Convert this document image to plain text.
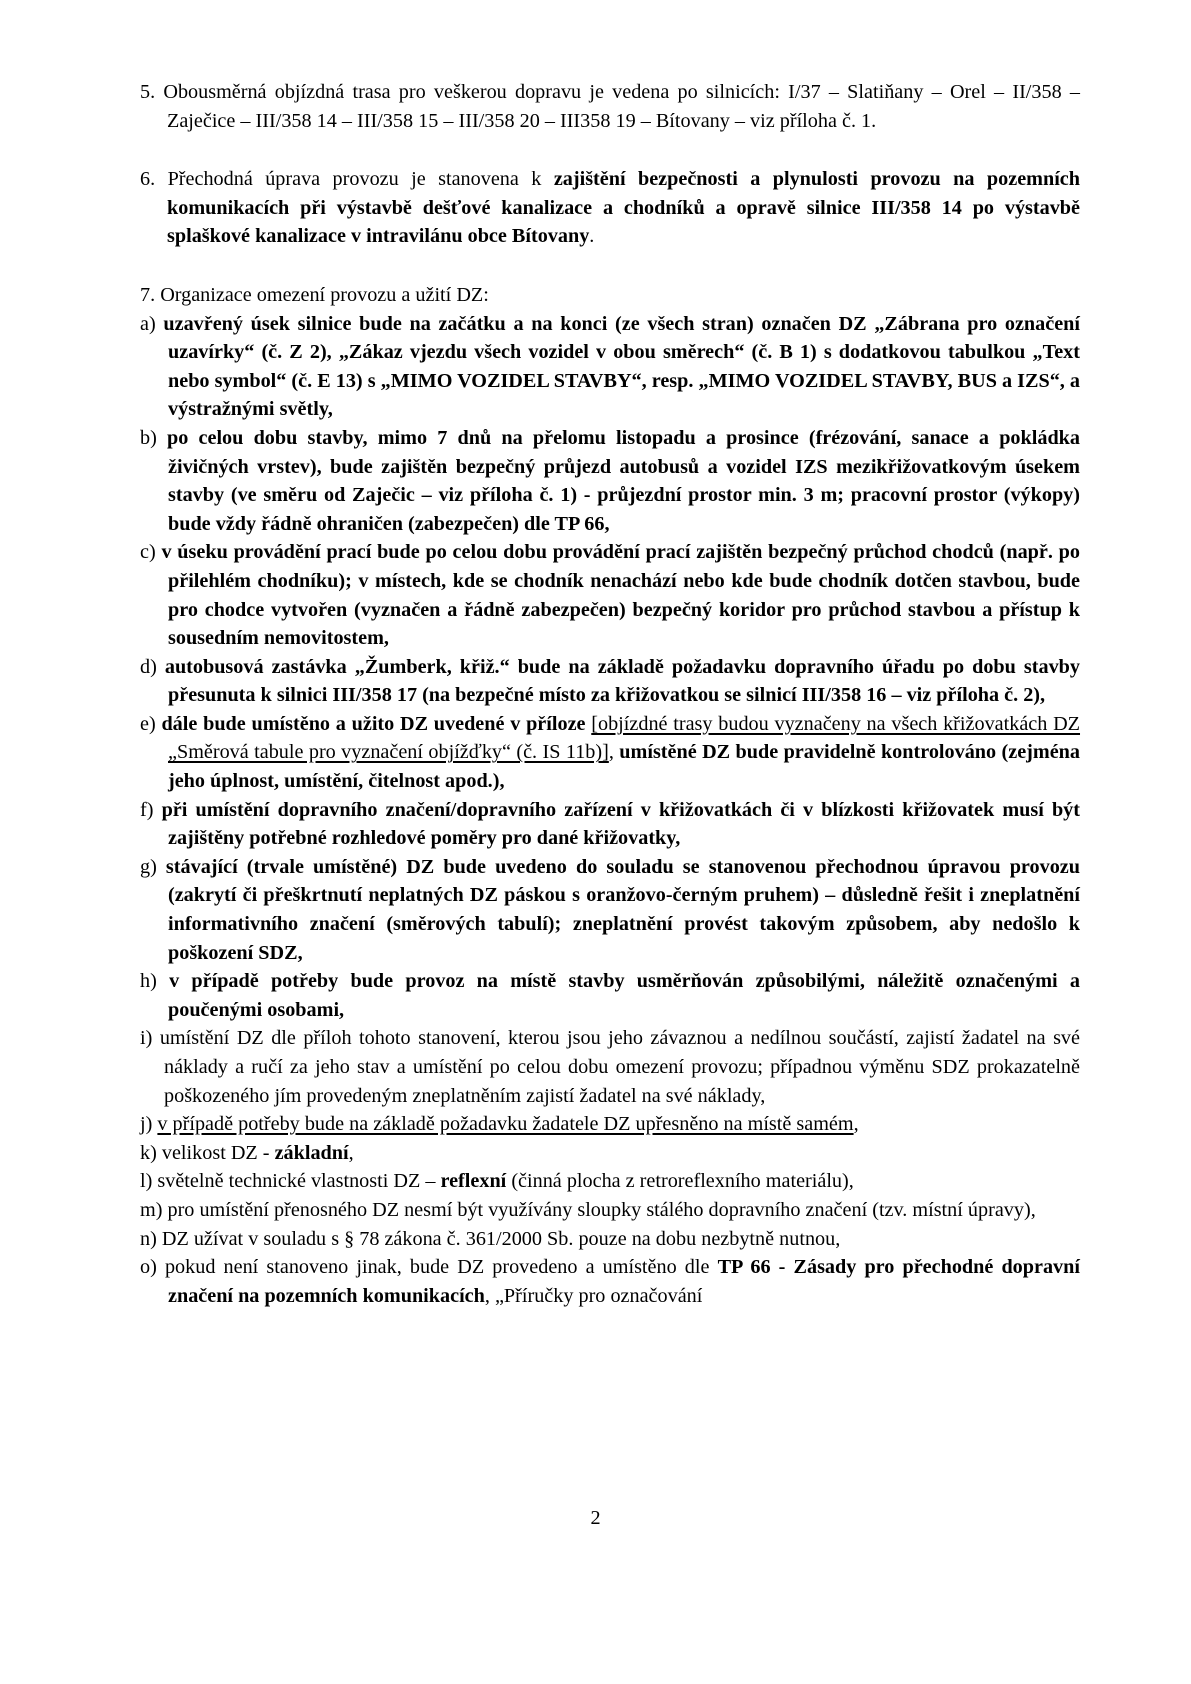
5. Obousměrná objízdná trasa pro veškerou dopravu je vedena po silnicích: I/37 – Slatiňany – Orel – II/358 – Zaječice – III/358 14 – III/358 15 – III/358 20 – III358 19 – Bítovany – viz příloha č. 1.

6. Přechodná úprava provozu je stanovena k zajištění bezpečnosti a plynulosti provozu na pozemních komunikacích při výstavbě dešťové kanalizace a chodníků a opravě silnice III/358 14 po výstavbě splaškové kanalizace v intravilánu obce Bítovany.

7. Organizace omezení provozu a užití DZ:

a) uzavřený úsek silnice bude na začátku a na konci (ze všech stran) označen DZ „Zábrana pro označení uzavírky“ (č. Z 2), „Zákaz vjezdu všech vozidel v obou směrech“ (č. B 1) s dodatkovou tabulkou „Text nebo symbol“ (č. E 13) s „MIMO VOZIDEL STAVBY“, resp. „MIMO VOZIDEL STAVBY, BUS a IZS“, a výstražnými světly,

b) po celou dobu stavby, mimo 7 dnů na přelomu listopadu a prosince (frézování, sanace a pokládka živičných vrstev), bude zajištěn bezpečný průjezd autobusů a vozidel IZS mezikřižovatkovým úsekem stavby (ve směru od Zaječic – viz příloha č. 1) - průjezdní prostor min. 3 m; pracovní prostor (výkopy) bude vždy řádně ohraničen (zabezpečen) dle TP 66,

c) v úseku provádění prací bude po celou dobu provádění prací zajištěn bezpečný průchod chodců (např. po přilehlém chodníku); v místech, kde se chodník nenachází nebo kde bude chodník dotčen stavbou, bude pro chodce vytvořen (vyznačen a řádně zabezpečen) bezpečný koridor pro průchod stavbou a přístup k sousedním nemovitostem,

d) autobusová zastávka „Žumberk, křiž.“ bude na základě požadavku dopravního úřadu po dobu stavby přesunuta k silnici III/358 17 (na bezpečné místo za křižovatkou se silnicí III/358 16 – viz příloha č. 2),

e) dále bude umístěno a užito DZ uvedené v příloze [objízdné trasy budou vyznačeny na všech křižovatkách DZ „Směrová tabule pro vyznačení objížďky“ (č. IS 11b)], umístěné DZ bude pravidelně kontrolováno (zejména jeho úplnost, umístění, čitelnost apod.),

f) při umístění dopravního značení/dopravního zařízení v křižovatkách či v blízkosti křižovatek musí být zajištěny potřebné rozhledové poměry pro dané křižovatky,

g) stávající (trvale umístěné) DZ bude uvedeno do souladu se stanovenou přechodnou úpravou provozu (zakrytí či přeškrtnutí neplatných DZ páskou s oranžovo-černým pruhem) – důsledně řešit i zneplatnění informativního značení (směrových tabulí); zneplatnění provést takovým způsobem, aby nedošlo k poškození SDZ,

h) v případě potřeby bude provoz na místě stavby usměrňován způsobilými, náležitě označenými a poučenými osobami,

i) umístění DZ dle příloh tohoto stanovení, kterou jsou jeho závaznou a nedílnou součástí, zajistí žadatel na své náklady a ručí za jeho stav a umístění po celou dobu omezení provozu; případnou výměnu SDZ prokazatelně poškozeného jím provedeným zneplatněním zajistí žadatel na své náklady,

j) v případě potřeby bude na základě požadavku žadatele DZ upřesněno na místě samém,

k) velikost DZ - základní,

l) světelně technické vlastnosti DZ – reflexní (činná plocha z retroreflexního materiálu),

m) pro umístění přenosného DZ nesmí být využívány sloupky stálého dopravního značení (tzv. místní úpravy),

n) DZ užívat v souladu s § 78 zákona č. 361/2000 Sb. pouze na dobu nezbytně nutnou,

o) pokud není stanoveno jinak, bude DZ provedeno a umístěno dle TP 66 - Zásady pro přechodné dopravní značení na pozemních komunikacích, „Příručky pro označování

2
